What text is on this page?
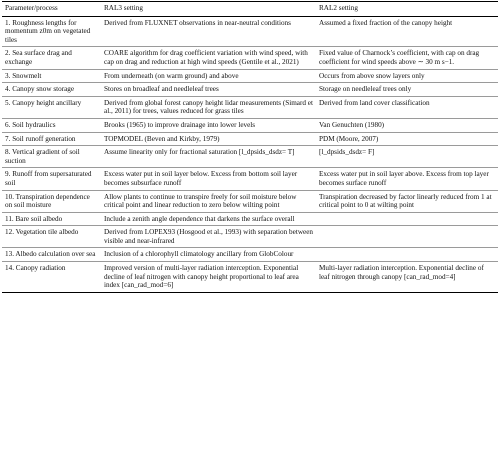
Parameter/process	RAL3 setting	RAL2 setting
1. Roughness lengths for momentum z0m on vegetated tiles	Derived from FLUXNET observations in near-neutral conditions	Assumed a fixed fraction of the canopy height
2. Sea surface drag and exchange	COARE algorithm for drag coefficient variation with wind speed, with cap on drag and reduction at high wind speeds (Gentile et al., 2021)	Fixed value of Charnock’s coefficient, with cap on drag coefficient for wind speeds above ∼ 30 m s−1.
3. Snowmelt	From underneath (on warm ground) and above	Occurs from above snow layers only
4. Canopy snow storage	Stores on broadleaf and needleleaf trees	Storage on needleleaf trees only
5. Canopy height ancillary	Derived from global forest canopy height lidar measurements (Simard et al., 2011) for trees, values reduced for grass tiles	Derived from land cover classification
6. Soil hydraulics	Brooks (1965) to improve drainage into lower levels	Van Genuchten (1980)
7. Soil runoff generation	TOPMODEL (Beven and Kirkby, 1979)	PDM (Moore, 2007)
8. Vertical gradient of soil suction	Assume linearity only for fractional saturation [l_dpsids_dsdz= T]	[l_dpsids_dsdz= F]
9. Runoff from supersaturated soil	Excess water put in soil layer below. Excess from bottom soil layer becomes subsurface runoff	Excess water put in soil layer above. Excess from top layer becomes surface runoff
10. Transpiration dependence on soil moisture	Allow plants to continue to transpire freely for soil moisture below critical point and linear reduction to zero below wilting point	Transpiration decreased by factor linearly reduced from 1 at critical point to 0 at wilting point
11. Bare soil albedo	Include a zenith angle dependence that darkens the surface overall	
12. Vegetation tile albedo	Derived from LOPEX93 (Hosgood et al., 1993) with separation between visible and near-infrared	
13. Albedo calculation over sea	Inclusion of a chlorophyll climatology ancillary from GlobColour	
14. Canopy radiation	Improved version of multi-layer radiation interception. Exponential decline of leaf nitrogen with canopy height proportional to leaf area index [can_rad_mod=6]	Multi-layer radiation interception. Exponential decline of leaf nitrogen through canopy [can_rad_mod=4]
